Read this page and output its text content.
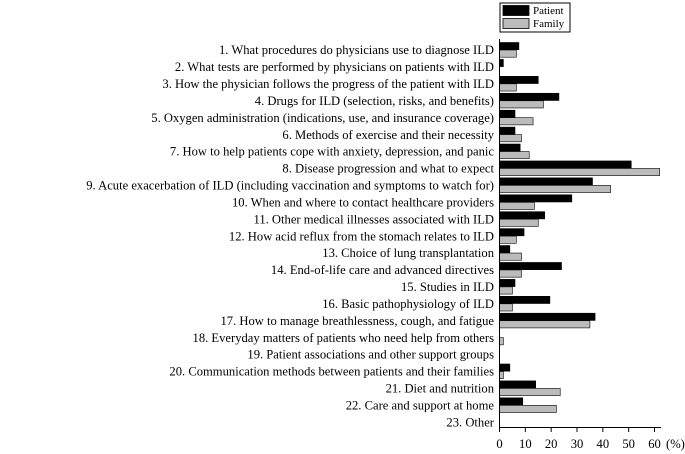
Patient
Family
1. What procedures do physicians use to diagnose ILD
2. What tests are performed by physicians on patients with ILD
3. How the physician follows the progress of the patient with ILD
4. Drugs for ILD (selection, risks, and benefits)
5. Oxygen administration (indications, use, and insurance coverage)
6. Methods of exercise and their necessity
7. How to help patients cope with anxiety, depression, and panic
8. Disease progression and what to expect
9. Acute exacerbation of ILD (including vaccination and symptoms to watch for)
10. When and where to contact healthcare providers
11. Other medical illnesses associated with ILD
12. How acid reflux from the stomach relates to ILD
13. Choice of lung transplantation
14. End-of-life care and advanced directives
15. Studies in ILD
16. Basic pathophysiology of ILD
17. How to manage breathlessness, cough, and fatigue
18. Everyday matters of patients who need help from others
19. Patient associations and other support groups
20. Communication methods between patients and their families
21. Diet and nutrition
22. Care and support at home
23. Other
0 10 20 30 40 50 60 (%)
